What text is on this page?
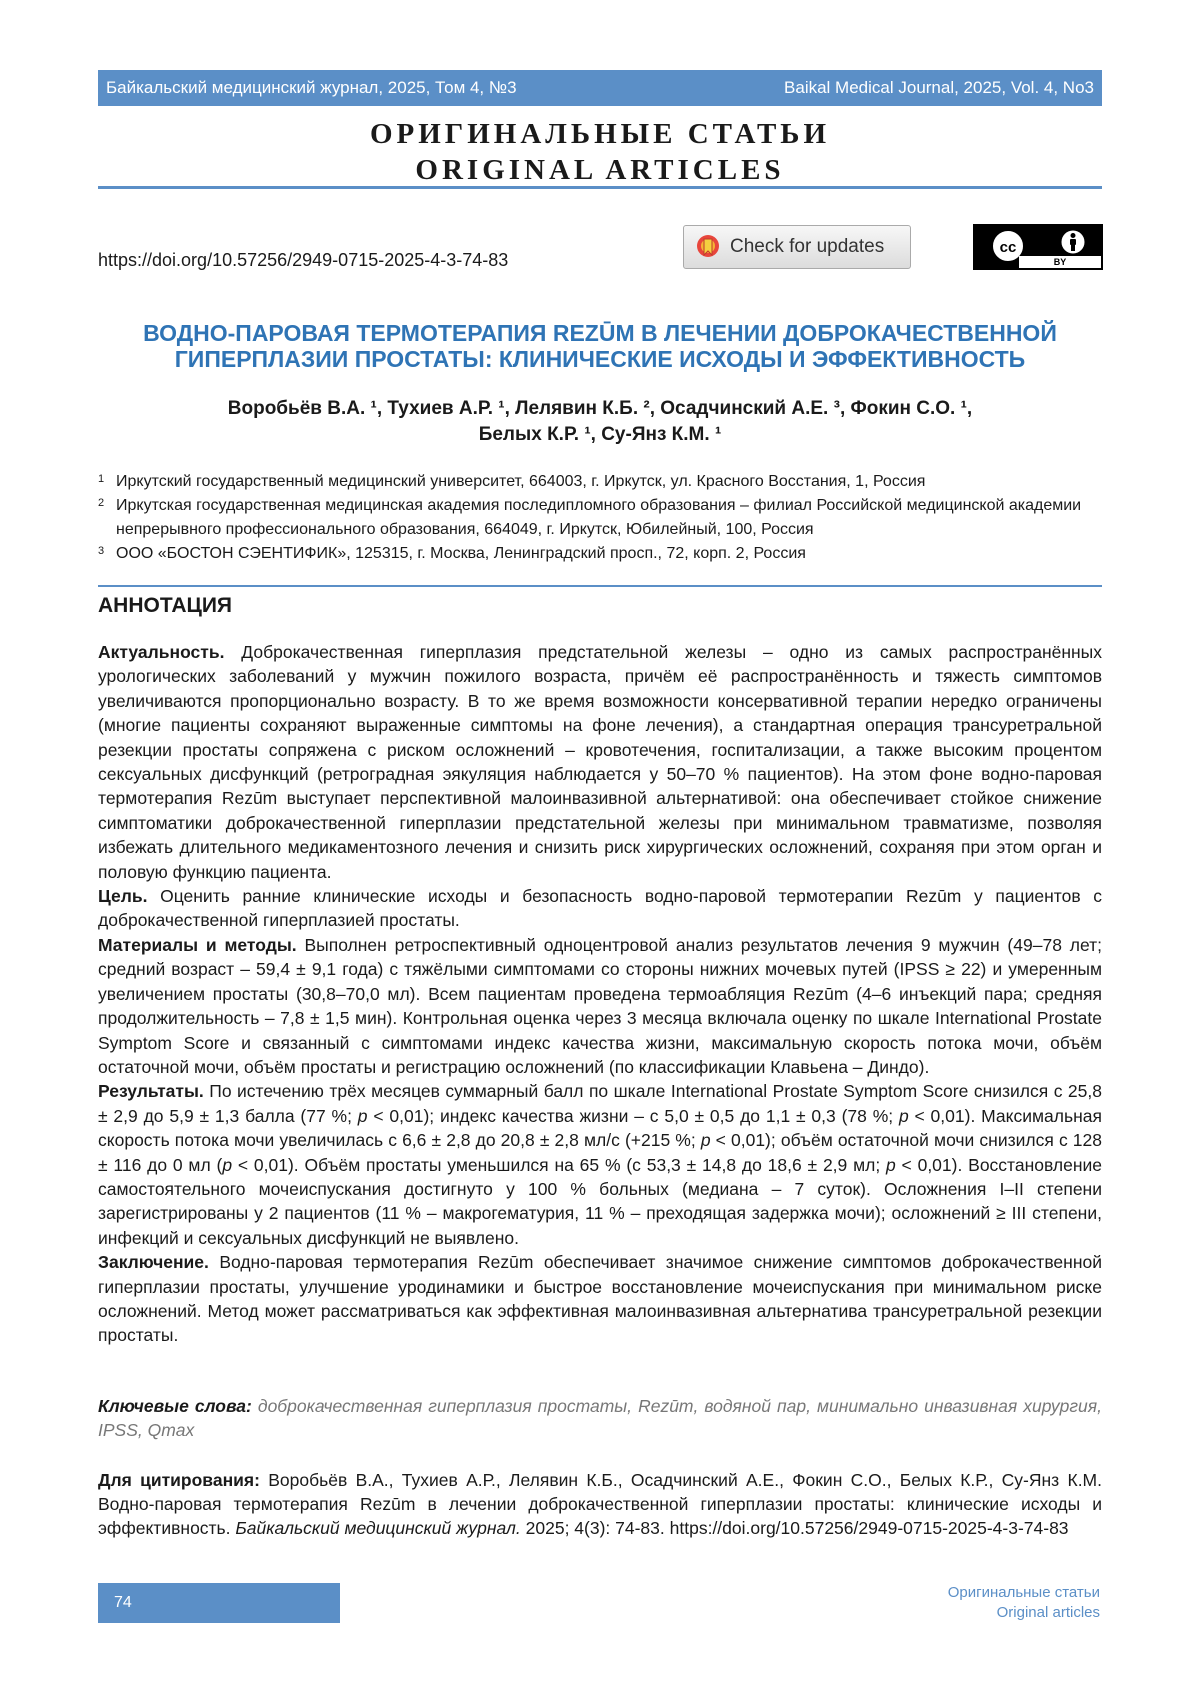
Байкальский медицинский журнал, 2025, Том 4, №3	Baikal Medical Journal, 2025, Vol. 4, No3
ОРИГИНАЛЬНЫЕ СТАТЬИ
ORIGINAL ARTICLES
https://doi.org/10.57256/2949-0715-2025-4-3-74-83
Check for updates	cc
BY
ВОДНО-ПАРОВАЯ ТЕРМОТЕРАПИЯ REZŪM В ЛЕЧЕНИИ ДОБРОКАЧЕСТВЕННОЙ
ГИПЕРПЛАЗИИ ПРОСТАТЫ: КЛИНИЧЕСКИЕ ИСХОДЫ И ЭФФЕКТИВНОСТЬ
Воробьёв В.А. ¹, Тухиев А.Р. ¹, Лелявин К.Б. ², Осадчинский А.Е. ³, Фокин С.О. ¹,
Белых К.Р. ¹, Су-Янз К.М. ¹
1 Иркутский государственный медицинский университет, 664003, г. Иркутск, ул. Красного Восстания, 1, Россия
2 Иркутская государственная медицинская академия последипломного образования – филиал Российской медицинской академии непрерывного профессионального образования, 664049, г. Иркутск, Юбилейный, 100, Россия
3 ООО «БОСТОН СЭЕНТИФИК», 125315, г. Москва, Ленинградский просп., 72, корп. 2, Россия
АННОТАЦИЯ

Актуальность. Доброкачественная гиперплазия предстательной железы – одно из самых распространённых урологических заболеваний у мужчин пожилого возраста, причём её распространённость и тяжесть симптомов увеличиваются пропорционально возрасту. В то же время возможности консервативной терапии нередко ограничены (многие пациенты сохраняют выраженные симптомы на фоне лечения), а стандартная операция трансуретральной резекции простаты сопряжена с риском осложнений – кровотечения, госпитализации, а также высоким процентом сексуальных дисфункций (ретроградная эякуляция наблюдается у 50–70 % пациентов). На этом фоне водно-паровая термотерапия Rezūm выступает перспективной малоинвазивной альтернативой: она обеспечивает стойкое снижение симптоматики доброкачественной гиперплазии предстательной железы при минимальном травматизме, позволяя избежать длительного медикаментозного лечения и снизить риск хирургических осложнений, сохраняя при этом орган и половую функцию пациента.

Цель. Оценить ранние клинические исходы и безопасность водно-паровой термотерапии Rezūm у пациентов с доброкачественной гиперплазией простаты.

Материалы и методы. Выполнен ретроспективный одноцентровой анализ результатов лечения 9 мужчин (49–78 лет; средний возраст – 59,4 ± 9,1 года) с тяжёлыми симптомами со стороны нижних мочевых путей (IPSS ≥ 22) и умеренным увеличением простаты (30,8–70,0 мл). Всем пациентам проведена термоабляция Rezūm (4–6 инъекций пара; средняя продолжительность – 7,8 ± 1,5 мин). Контрольная оценка через 3 месяца включала оценку по шкале International Prostate Symptom Score и связанный с симптомами индекс качества жизни, максимальную скорость потока мочи, объём остаточной мочи, объём простаты и регистрацию осложнений (по классификации Клавьена – Диндо).

Результаты. По истечению трёх месяцев суммарный балл по шкале International Prostate Symptom Score снизился с 25,8 ± 2,9 до 5,9 ± 1,3 балла (77 %; p < 0,01); индекс качества жизни – с 5,0 ± 0,5 до 1,1 ± 0,3 (78 %; p < 0,01). Максимальная скорость потока мочи увеличилась с 6,6 ± 2,8 до 20,8 ± 2,8 мл/с (+215 %; p < 0,01); объём остаточной мочи снизился с 128 ± 116 до 0 мл (p < 0,01). Объём простаты уменьшился на 65 % (с 53,3 ± 14,8 до 18,6 ± 2,9 мл; p < 0,01). Восстановление самостоятельного мочеиспускания достигнуто у 100 % больных (медиана – 7 суток). Осложнения I–II степени зарегистрированы у 2 пациентов (11 % – макрогематурия, 11 % – преходящая задержка мочи); осложнений ≥ III степени, инфекций и сексуальных дисфункций не выявлено.

Заключение. Водно-паровая термотерапия Rezūm обеспечивает значимое снижение симптомов доброкачественной гиперплазии простаты, улучшение уродинамики и быстрое восстановление мочеиспускания при минимальном риске осложнений. Метод может рассматриваться как эффективная малоинвазивная альтернатива трансуретральной резекции простаты.

Ключевые слова: доброкачественная гиперплазия простаты, Rezūm, водяной пар, минимально инвазивная хирургия, IPSS, Qmax
Для цитирования: Воробьёв В.А., Тухиев А.Р., Лелявин К.Б., Осадчинский А.Е., Фокин С.О., Белых К.Р., Су-Янз К.М. Водно-паровая термотерапия Rezūm в лечении доброкачественной гиперплазии простаты: клинические исходы и эффективность. Байкальский медицинский журнал. 2025; 4(3): 74-83. https://doi.org/10.57256/2949-0715-2025-4-3-74-83
74
Оригинальные статьи
Original articles
